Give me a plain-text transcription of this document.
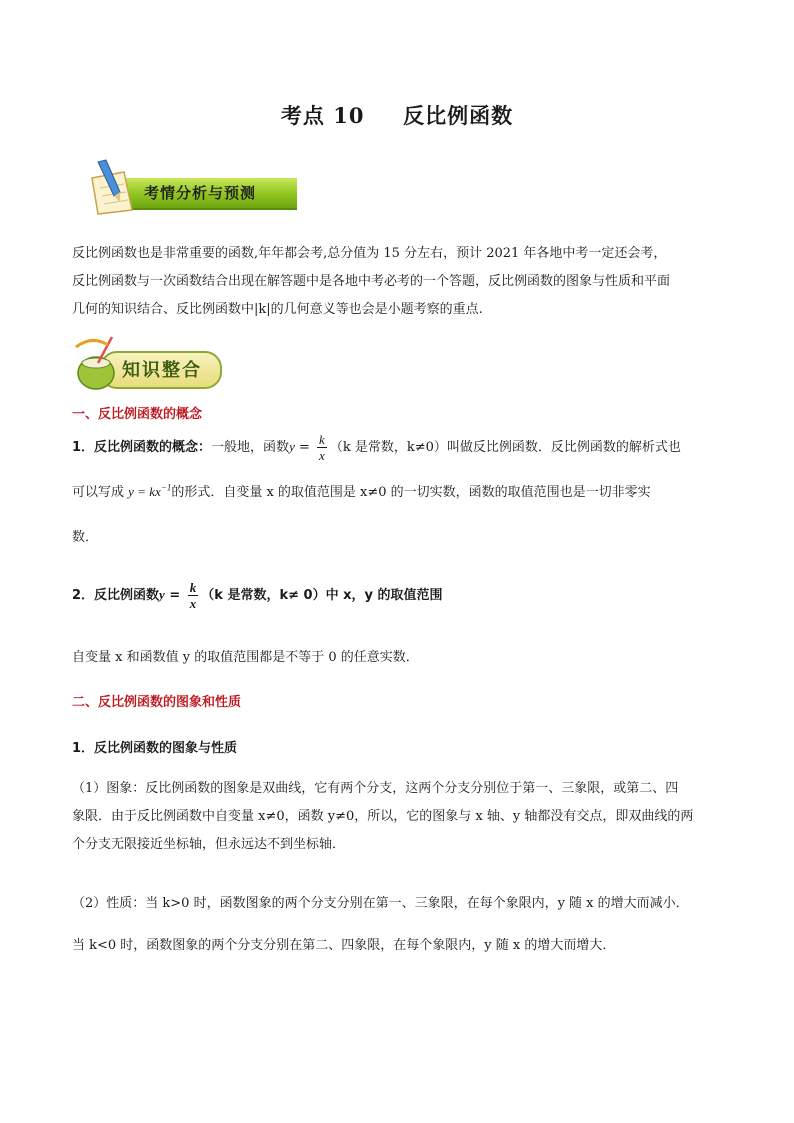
考点 10 反比例函数
考情分析与预测
反比例函数也是非常重要的函数,年年都会考,总分值为 15 分左右，预计 2021 年各地中考一定还会考，
反比例函数与一次函数结合出现在解答题中是各地中考必考的一个答题，反比例函数的图象与性质和平面
几何的知识结合、反比例函数中|k|的几何意义等也会是小题考察的重点.
知识整合
一、反比例函数的概念
1．反比例函数的概念：一般地，函数$y = \frac{k}{x} (k$ 是常数，k≠0）叫做反比例函数．反比例函数的解析式也
可以写成 $y = kx^{-1}$的形式．自变量 x 的取值范围是 x≠0 的一切实数，函数的取值范围也是一切非零实
数．
2．反比例函数$y = \frac{k}{x} (k$ 是常数，k≠ 0）中 x，y 的取值范围
自变量 x 和函数值 y 的取值范围都是不等于 0 的任意实数．
二、反比例函数的图象和性质
1．反比例函数的图象与性质
（1）图象：反比例函数的图象是双曲线，它有两个分支，这两个分支分别位于第一、三象限，或第二、四
象限．由于反比例函数中自变量 x≠0，函数 y≠0，所以，它的图象与 x 轴、y 轴都没有交点，即双曲线的两
个分支无限接近坐标轴，但永远达不到坐标轴．
（2）性质：当 k>0 时，函数图象的两个分支分别在第一、三象限，在每个象限内，y 随 x 的增大而减小．
当 k<0 时，函数图象的两个分支分别在第二、四象限，在每个象限内，y 随 x 的增大而增大．
